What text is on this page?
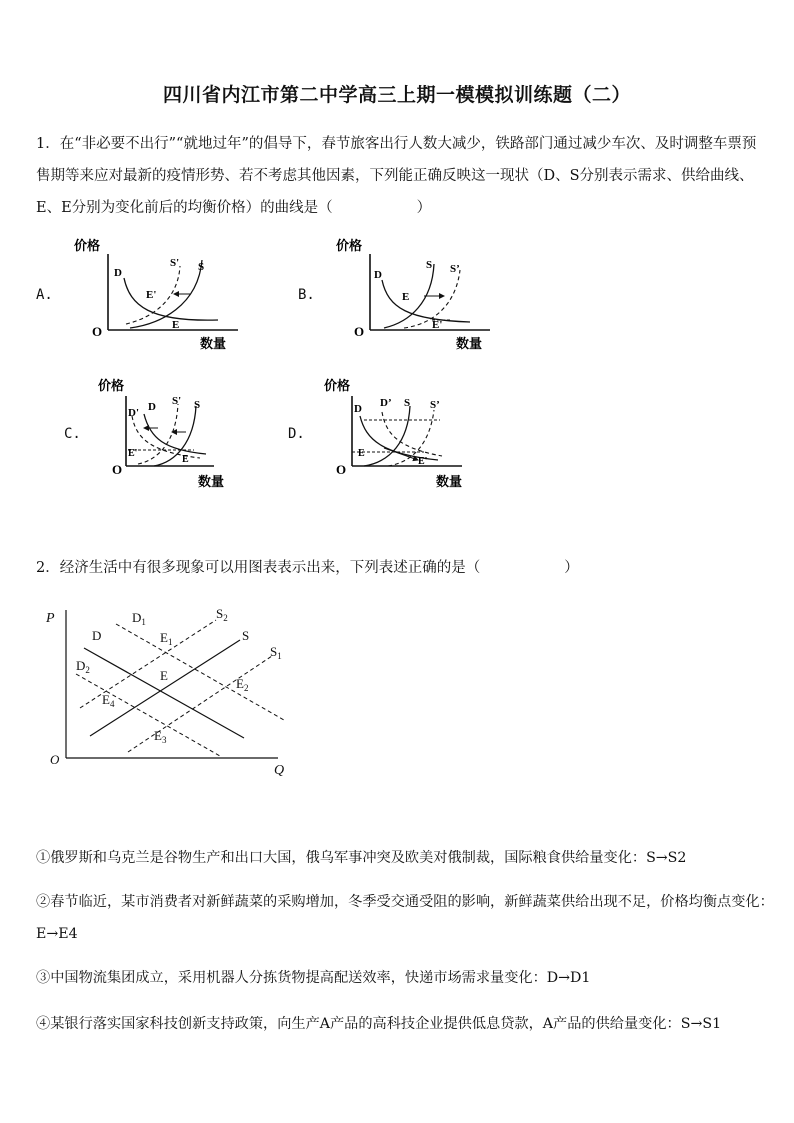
四川省内江市第二中学高三上期一模模拟训练题（二）
1．在“非必要不出行”“就地过年”的倡导下，春节旅客出行人数大减少，铁路部门通过减少车次、及时调整车票预售期等来应对最新的疫情形势、若不考虑其他因素，下列能正确反映这一现状（D、S分别表示需求、供给曲线、E、E分别为变化前后的均衡价格）的曲线是（	）
A.
价格
O
数量
D
S' S
E'
E
B.
价格
O
数量
D
S S’
E
E'
C.
价格
O
数量
D' D S' S
E'
E
D.
价格
O
数量
D D’ S S’
E
E'
2．经济生活中有很多现象可以用图表表示出来，下列表述正确的是（	）
P
O
Q
D
$D_1$
$D_2$
S
$S_2$
$S_1$
E
$E_1$
$E_2$
$E_3$
$E_4$
①俄罗斯和乌克兰是谷物生产和出口大国，俄乌军事冲突及欧美对俄制裁，国际粮食供给量变化：S→S2
②春节临近，某市消费者对新鲜蔬菜的采购增加，冬季受交通受阻的影响，新鲜蔬菜供给出现不足，价格均衡点变化：E→E4
③中国物流集团成立，采用机器人分拣货物提高配送效率，快递市场需求量变化：D→D1
④某银行落实国家科技创新支持政策，向生产A产品的高科技企业提供低息贷款，A产品的供给量变化：S→S1
